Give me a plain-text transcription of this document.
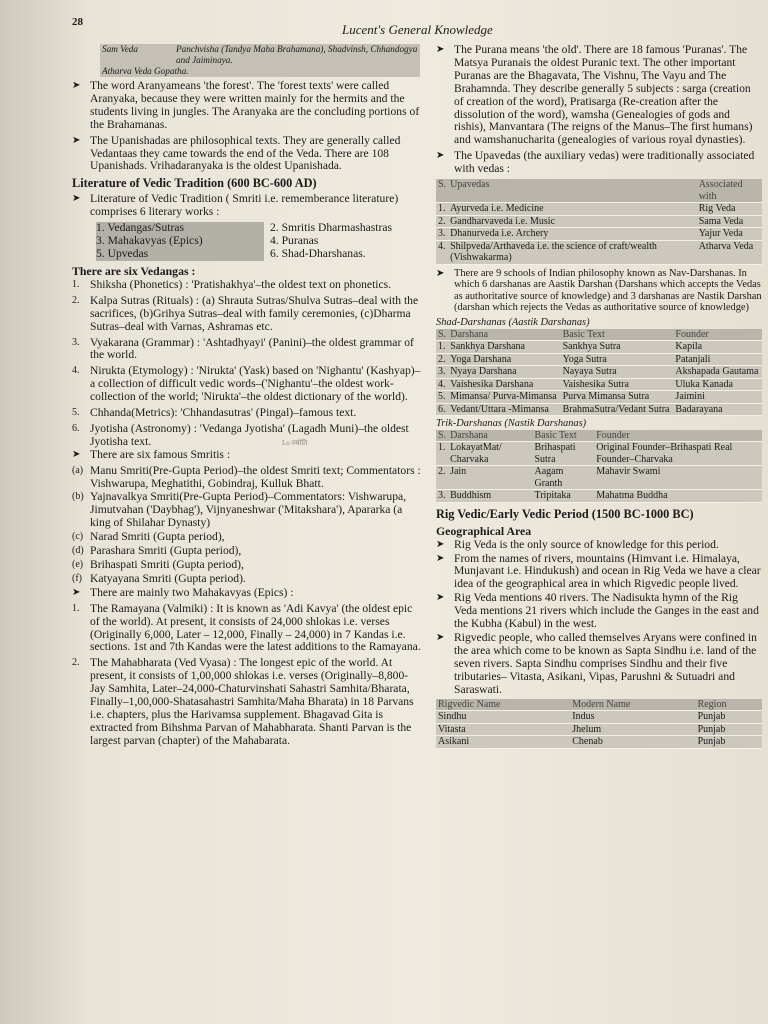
28	Lucent's General Knowledge
Sam Veda	Panchvisha (Tandya Maha Brahamana), Shadvinsh, Chhandogya and Jaiminaya.
Atharva Veda Gopatha.
➤ The word Aranyameans 'the forest'. The 'forest texts' were called Aranyaka, because they were written mainly for the hermits and the students living in jungles. The Aranyaka are the concluding portions of the Brahamanas.
➤ The Upanishadas are philosophical texts. They are generally called Vedantaas they came towards the end of the Veda. There are 108 Upanishads. Vrihadaranyaka is the oldest Upanishada.
Literature of Vedic Tradition (600 BC-600 AD)
➤ Literature of Vedic Tradition ( Smriti i.e. rememberance literature) comprises 6 literary works :
1. Vedangas/Sutras	2. Smritis Dharmashastras
3. Mahakavyas (Epics)	4. Puranas
5. Upvedas	6. Shad-Dharshanas.
There are six Vedangas :
1. Shiksha (Phonetics) : 'Pratishakhya'–the oldest text on phonetics.
2. Kalpa Sutras (Rituals) : (a) Shrauta Sutras/Shulva Sutras–deal with the sacrifices, (b)Grihya Sutras–deal with family ceremonies, (c)Dharma Sutras–deal with Varnas, Ashramas etc.
3. Vyakarana (Grammar) : 'Ashtadhyayi' (Panini)–the oldest grammar of the world.
4. Nirukta (Etymology) : 'Nirukta' (Yask) based on 'Nighantu' (Kashyap)–a collection of difficult vedic words–('Nighantu'–the oldest work-collection of the world; 'Nirukta'–the oldest dictionary of the world).
5. Chhanda(Metrics): 'Chhandasutras' (Pingal)–famous text.
6. Jyotisha (Astronomy) : 'Vedanga Jyotisha' (Lagadh Muni)–the oldest Jyotisha text.	Lo ज्योति
➤ There are six famous Smritis :
(a) Manu Smriti(Pre-Gupta Period)–the oldest Smriti text; Commentators : Vishwarupa, Meghatithi, Gobindraj, Kulluk Bhatt.
(b) Yajnavalkya Smriti(Pre-Gupta Period)–Commentators: Vishwarupa, Jimutvahan ('Daybhag'), Vijnyaneshwar ('Mitakshara'), Apararka (a king of Shilahar Dynasty)
(c) Narad Smriti (Gupta period),
(d) Parashara Smriti (Gupta period),
(e) Brihaspati Smriti (Gupta period),
(f) Katyayana Smriti (Gupta period).
➤ There are mainly two Mahakavyas (Epics) :
1. The Ramayana (Valmiki) : It is known as 'Adi Kavya' (the oldest epic of the world). At present, it consists of 24,000 shlokas i.e. verses (Originally 6,000, Later – 12,000, Finally – 24,000) in 7 Kandas i.e. sections. 1st and 7th Kandas were the latest additions to the Ramayana.
2. The Mahabharata (Ved Vyasa) : The longest epic of the world. At present, it consists of 1,00,000 shlokas i.e. verses (Originally–8,800-Jay Samhita, Later–24,000-Chaturvinshati Sahastri Samhita/Bharata, Finally–1,00,000-Shatasahastri Samhita/Maha Bharata) in 18 Parvans i.e. chapters, plus the Harivamsa supplement. Bhagavad Gita is extracted from Bihshma Parvan of Mahabharata. Shanti Parvan is the largest parvan (chapter) of the Mahabarata.
➤ The Purana means 'the old'. There are 18 famous 'Puranas'. The Matsya Puranais the oldest Puranic text. The other important Puranas are the Bhagavata, The Vishnu, The Vayu and The Brahamnda. They describe generally 5 subjects : sarga (creation of creation of the word), Pratisarga (Re-creation after the dissolution of the word), wamsha (Genealogies of gods and rishis), Manvantara (The reigns of the Manus–The first humans) and wamshanucharita (genealogies of various royal dynasties).
➤ The Upavedas (the auxiliary vedas) were traditionally associated with vedas :
S.	Upavedas	Associated with
1.	Ayurveda i.e. Medicine	Rig Veda
2.	Gandharvaveda i.e. Music	Sama Veda
3.	Dhanurveda i.e. Archery	Yajur Veda
4.	Shilpveda/Arthaveda i.e. the science of craft/wealth (Vishwakarma)	Atharva Veda
➤ There are 9 schools of Indian philosophy known as Nav-Darshanas. In which 6 darshanas are Aastik Darshan (Darshans which accepts the Vedas as authoritative source of knowledge) and 3 darshanas are Nastik Darshan (darshan which rejects the Vedas as authoritative source of knowledge)
Shad-Darshanas (Aastik Darshanas)
S.	Darshana	Basic Text	Founder
1.	Sankhya Darshana	Sankhya Sutra	Kapila
2.	Yoga Darshana	Yoga Sutra	Patanjali
3.	Nyaya Darshana	Nayaya Sutra	Akshapada Gautama
4.	Vaishesika Darshana	Vaishesika Sutra	Uluka Kanada
5.	Mimansa/ Purva-Mimansa	Purva Mimansa Sutra	Jaimini
6.	Vedant/Uttara -Mimansa	BrahmaSutra/Vedant Sutra	Badarayana
Trik-Darshanas (Nastik Darshanas)
S.	Darshana	Basic Text	Founder
1.	LokayatMat/ Charvaka	Brihaspati Sutra	Original Founder–Brihaspati Real Founder–Charvaka
2.	Jain	Aagam Granth	Mahavir Swami
3.	Buddhism	Tripitaka	Mahatma Buddha
Rig Vedic/Early Vedic Period (1500 BC-1000 BC)
Geographical Area
➤ Rig Veda is the only source of knowledge for this period.
➤ From the names of rivers, mountains (Himvant i.e. Himalaya, Munjavant i.e. Hindukush) and ocean in Rig Veda we have a clear idea of the geographical area in which Rigvedic people lived.
➤ Rig Veda mentions 40 rivers. The Nadisukta hymn of the Rig Veda mentions 21 rivers which include the Ganges in the east and the Kubha (Kabul) in the west.
➤ Rigvedic people, who called themselves Aryans were confined in the area which come to be known as Sapta Sindhu i.e. land of the seven rivers. Sapta Sindhu comprises Sindhu and their five tributaries– Vitasta, Asikani, Vipas, Parushni & Sutuadri and Saraswati.
Rigvedic Name	Modern Name	Region
Sindhu	Indus	Punjab
Vitasta	Jhelum	Punjab
Asikani	Chenab	Punjab
